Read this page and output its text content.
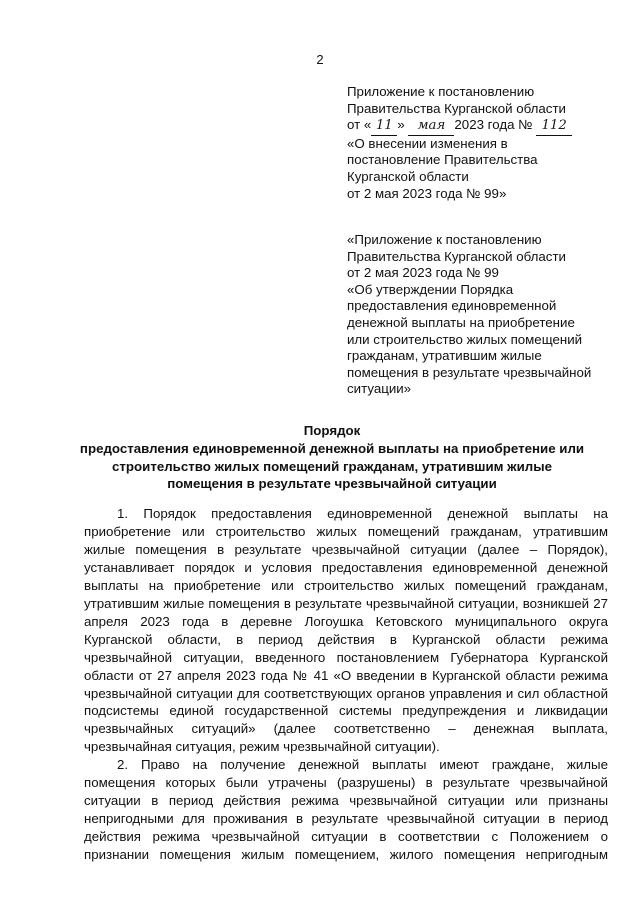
2
Приложение к постановлению
Правительства Курганской области
от « 11 » мая 2023 года № 112
«О внесении изменения в
постановление Правительства
Курганской области
от 2 мая 2023 года № 99»
«Приложение к постановлению
Правительства Курганской области
от 2 мая 2023 года № 99
«Об утверждении Порядка
предоставления единовременной
денежной выплаты на приобретение
или строительство жилых помещений
гражданам, утратившим жилые
помещения в результате чрезвычайной
ситуации»
Порядок
предоставления единовременной денежной выплаты на приобретение или
строительство жилых помещений гражданам, утратившим жилые
помещения в результате чрезвычайной ситуации

1. Порядок предоставления единовременной денежной выплаты на приобретение или строительство жилых помещений гражданам, утратившим жилые помещения в результате чрезвычайной ситуации (далее – Порядок), устанавливает порядок и условия предоставления единовременной денежной выплаты на приобретение или строительство жилых помещений гражданам, утратившим жилые помещения в результате чрезвычайной ситуации, возникшей 27 апреля 2023 года в деревне Логоушка Кетовского муниципального округа Курганской области, в период действия в Курганской области режима чрезвычайной ситуации, введенного постановлением Губернатора Курганской области от 27 апреля 2023 года № 41 «О введении в Курганской области режима чрезвычайной ситуации для соответствующих органов управления и сил областной подсистемы единой государственной системы предупреждения и ликвидации чрезвычайных ситуаций» (далее соответственно – денежная выплата, чрезвычайная ситуация, режим чрезвычайной ситуации).

2. Право на получение денежной выплаты имеют граждане, жилые помещения которых были утрачены (разрушены) в результате чрезвычайной ситуации в период действия режима чрезвычайной ситуации или признаны непригодными для проживания в результате чрезвычайной ситуации в период действия режима чрезвычайной ситуации в соответствии с Положением о признании помещения жилым помещением, жилого помещения непригодным
